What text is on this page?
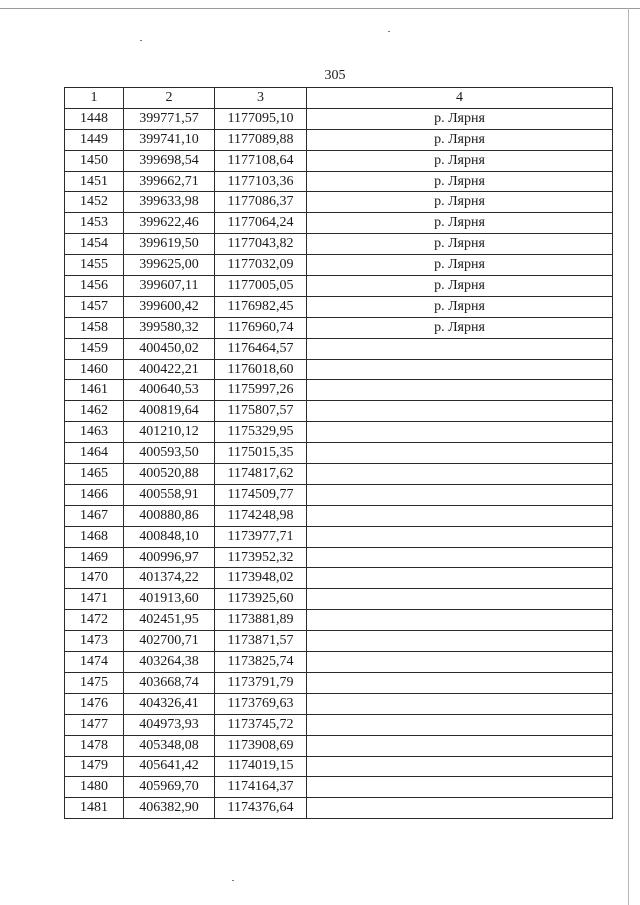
305
1	2	3	4
1448	399771,57	1177095,10	р. Лярня
1449	399741,10	1177089,88	р. Лярня
1450	399698,54	1177108,64	р. Лярня
1451	399662,71	1177103,36	р. Лярня
1452	399633,98	1177086,37	р. Лярня
1453	399622,46	1177064,24	р. Лярня
1454	399619,50	1177043,82	р. Лярня
1455	399625,00	1177032,09	р. Лярня
1456	399607,11	1177005,05	р. Лярня
1457	399600,42	1176982,45	р. Лярня
1458	399580,32	1176960,74	р. Лярня
1459	400450,02	1176464,57	
1460	400422,21	1176018,60	
1461	400640,53	1175997,26	
1462	400819,64	1175807,57	
1463	401210,12	1175329,95	
1464	400593,50	1175015,35	
1465	400520,88	1174817,62	
1466	400558,91	1174509,77	
1467	400880,86	1174248,98	
1468	400848,10	1173977,71	
1469	400996,97	1173952,32	
1470	401374,22	1173948,02	
1471	401913,60	1173925,60	
1472	402451,95	1173881,89	
1473	402700,71	1173871,57	
1474	403264,38	1173825,74	
1475	403668,74	1173791,79	
1476	404326,41	1173769,63	
1477	404973,93	1173745,72	
1478	405348,08	1173908,69	
1479	405641,42	1174019,15	
1480	405969,70	1174164,37	
1481	406382,90	1174376,64	
